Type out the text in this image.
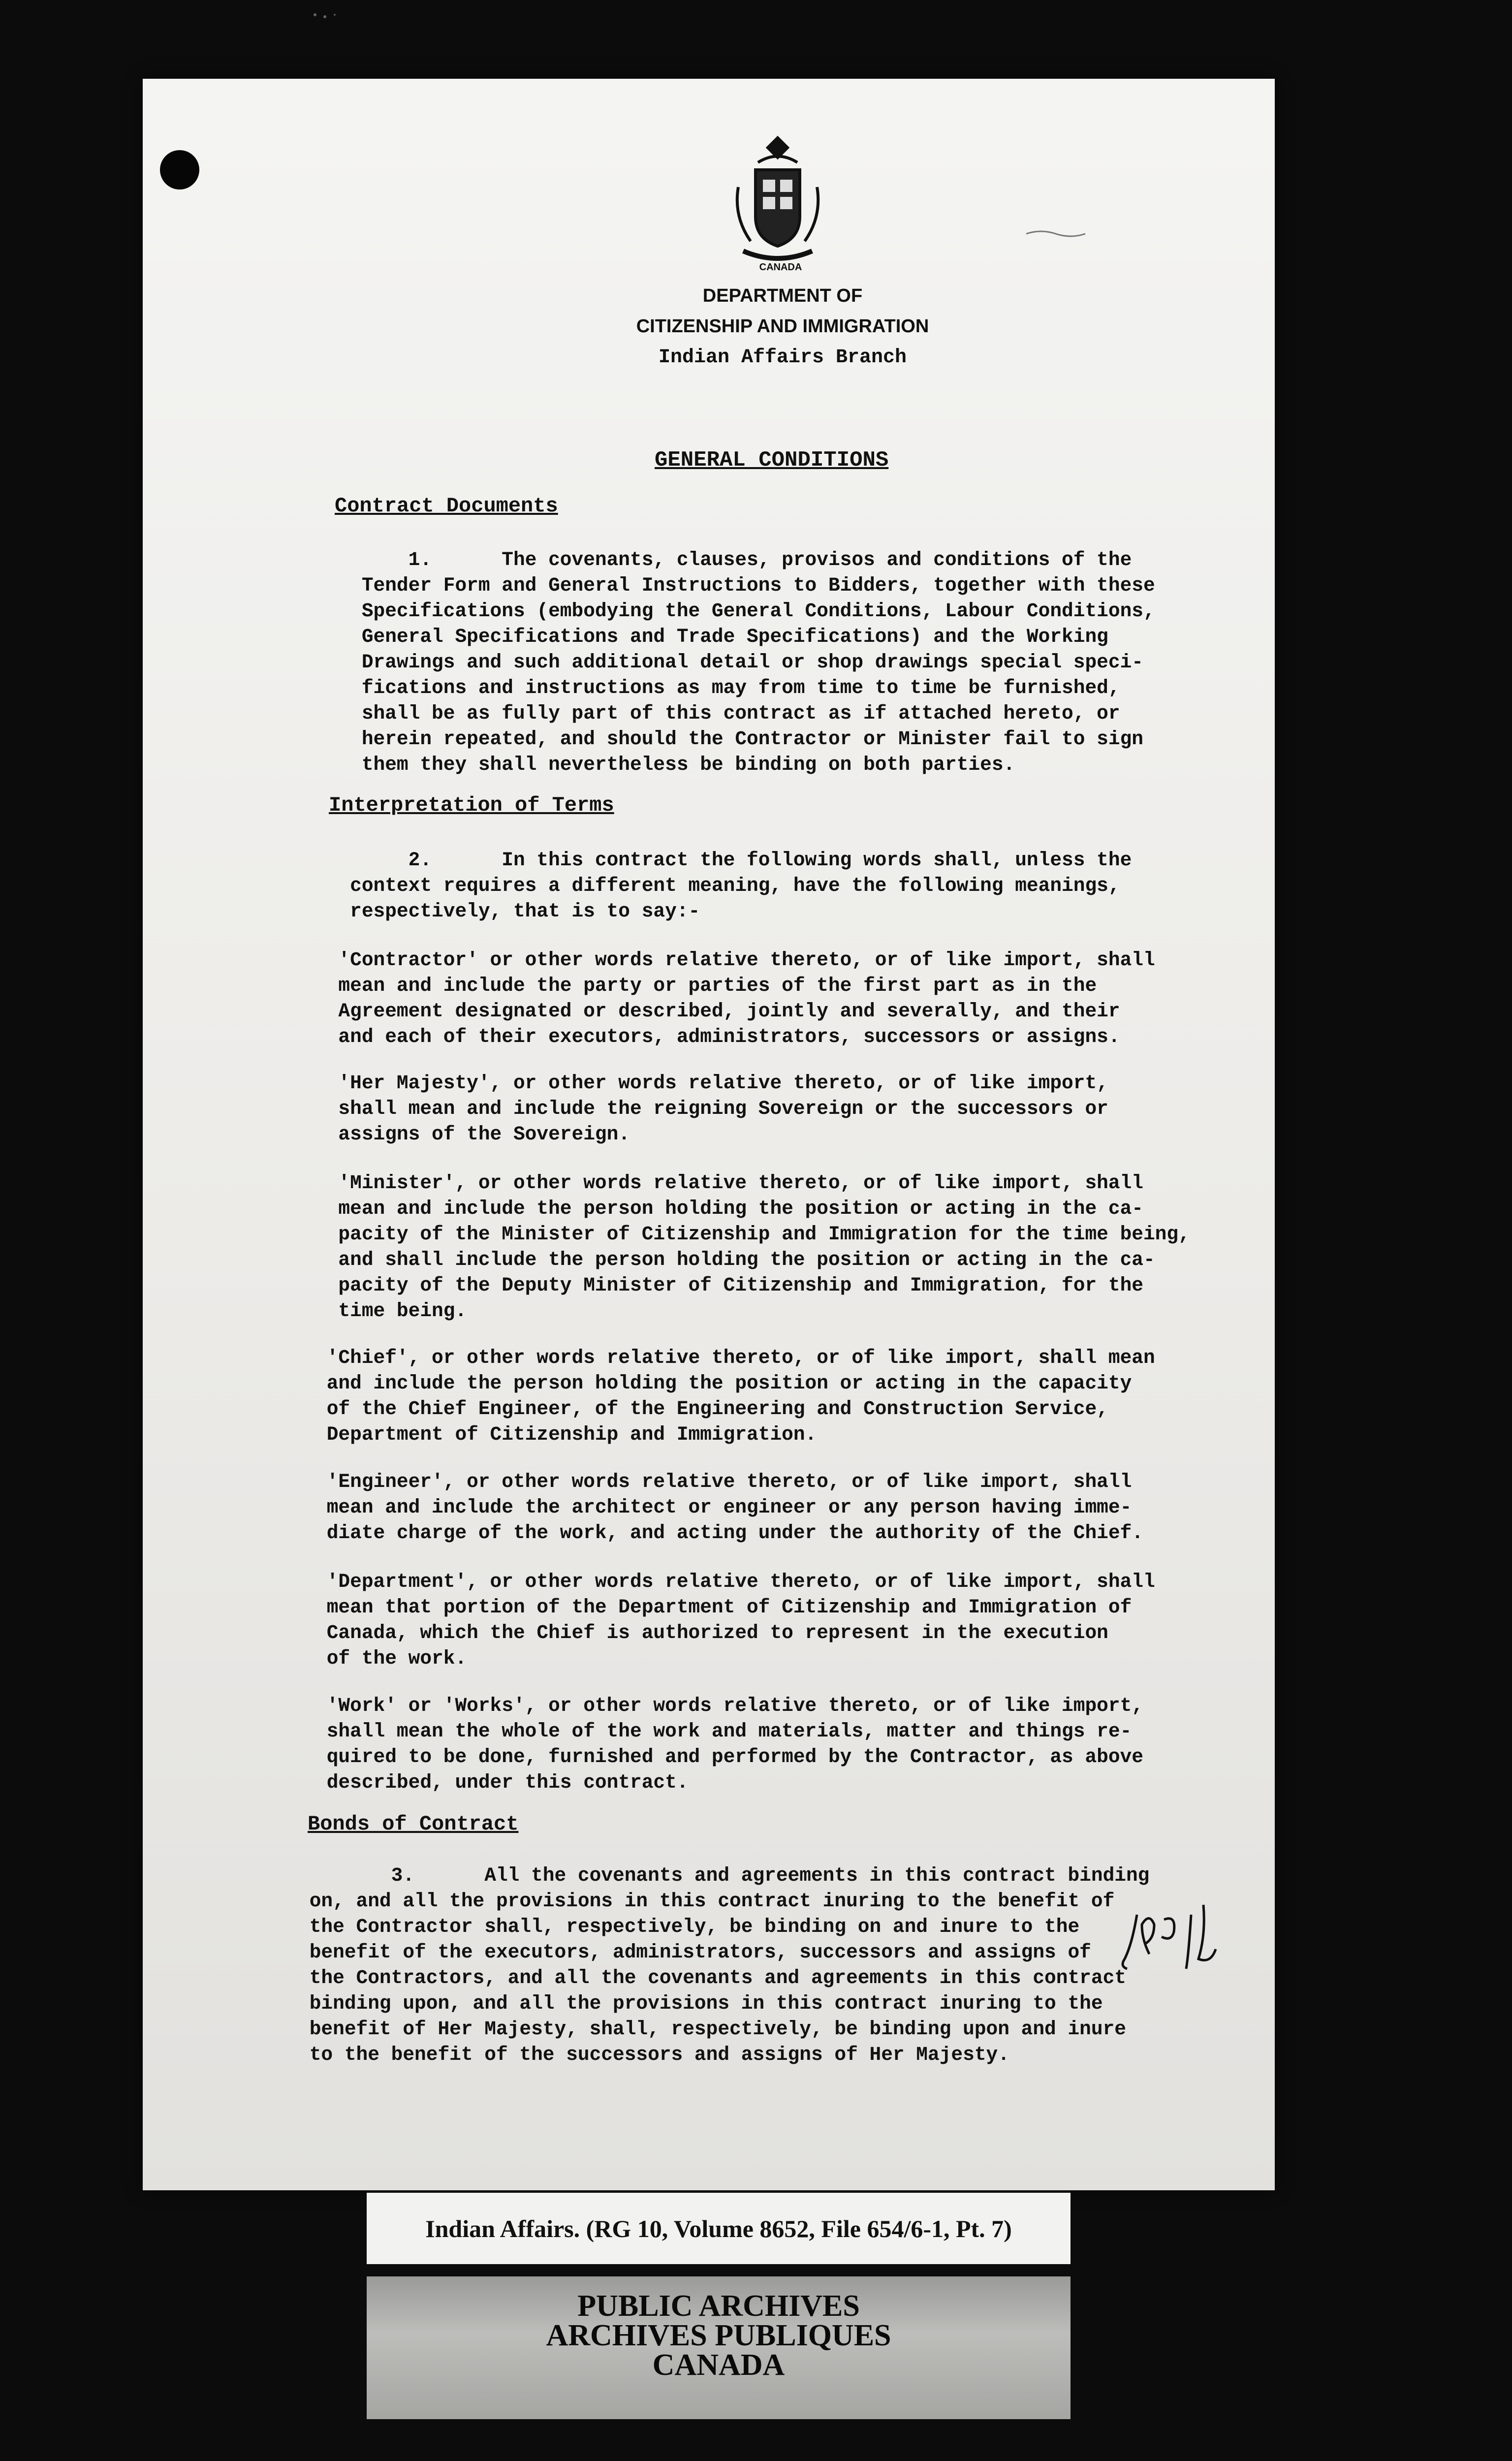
CANADA
DEPARTMENT OF
CITIZENSHIP AND IMMIGRATION
Indian Affairs Branch
GENERAL CONDITIONS
Contract Documents
1.      The covenants, clauses, provisos and conditions of the
Tender Form and General Instructions to Bidders, together with these
Specifications (embodying the General Conditions, Labour Conditions,
General Specifications and Trade Specifications) and the Working
Drawings and such additional detail or shop drawings special speci-
fications and instructions as may from time to time be furnished,
shall be as fully part of this contract as if attached hereto, or
herein repeated, and should the Contractor or Minister fail to sign
them they shall nevertheless be binding on both parties.
Interpretation of Terms
2.      In this contract the following words shall, unless the
context requires a different meaning, have the following meanings,
respectively, that is to say:-
'Contractor' or other words relative thereto, or of like import, shall
mean and include the party or parties of the first part as in the
Agreement designated or described, jointly and severally, and their
and each of their executors, administrators, successors or assigns.
'Her Majesty', or other words relative thereto, or of like import,
shall mean and include the reigning Sovereign or the successors or
assigns of the Sovereign.
'Minister', or other words relative thereto, or of like import, shall
mean and include the person holding the position or acting in the ca-
pacity of the Minister of Citizenship and Immigration for the time being,
and shall include the person holding the position or acting in the ca-
pacity of the Deputy Minister of Citizenship and Immigration, for the
time being.
'Chief', or other words relative thereto, or of like import, shall mean
and include the person holding the position or acting in the capacity
of the Chief Engineer, of the Engineering and Construction Service,
Department of Citizenship and Immigration.
'Engineer', or other words relative thereto, or of like import, shall
mean and include the architect or engineer or any person having imme-
diate charge of the work, and acting under the authority of the Chief.
'Department', or other words relative thereto, or of like import, shall
mean that portion of the Department of Citizenship and Immigration of
Canada, which the Chief is authorized to represent in the execution
of the work.
'Work' or 'Works', or other words relative thereto, or of like import,
shall mean the whole of the work and materials, matter and things re-
quired to be done, furnished and performed by the Contractor, as above
described, under this contract.
Bonds of Contract
3.      All the covenants and agreements in this contract binding
on, and all the provisions in this contract inuring to the benefit of
the Contractor shall, respectively, be binding on and inure to the
benefit of the executors, administrators, successors and assigns of
the Contractors, and all the covenants and agreements in this contract
binding upon, and all the provisions in this contract inuring to the
benefit of Her Majesty, shall, respectively, be binding upon and inure
to the benefit of the successors and assigns of Her Majesty.
Indian Affairs. (RG 10, Volume 8652, File 654/6-1, Pt. 7)
PUBLIC ARCHIVES
ARCHIVES PUBLIQUES
CANADA
